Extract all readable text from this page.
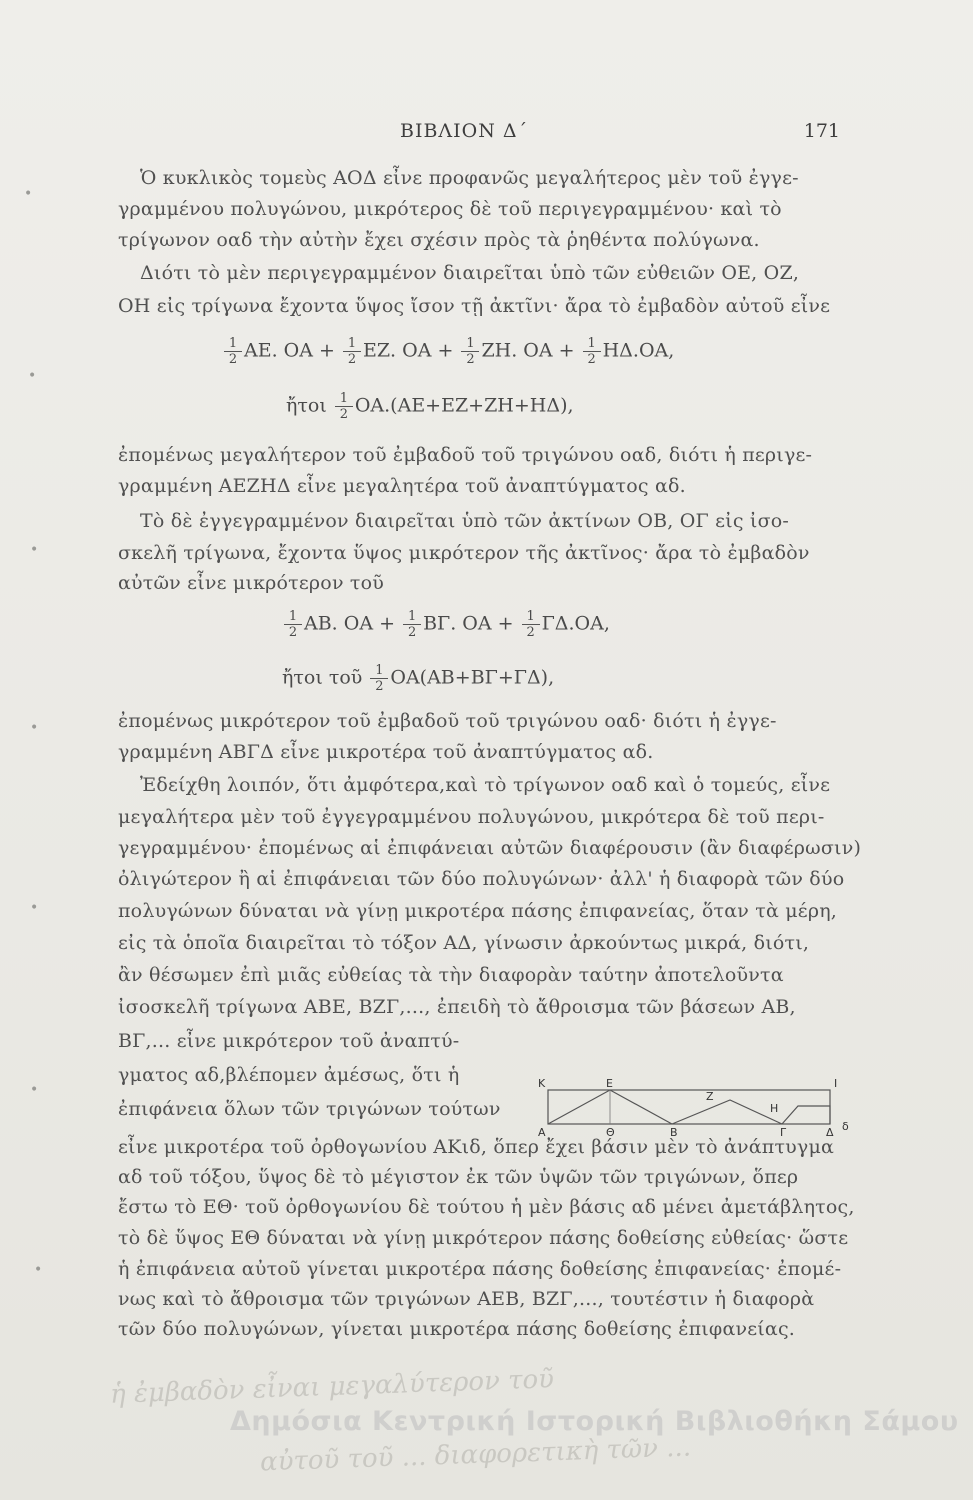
ΒΙΒΛΙΟΝ Δ΄	171
Ὁ κυκλικὸς τομεὺς ΑΟΔ εἶνε προφανῶς μεγαλήτερος μὲν τοῦ ἐγγε-
γραμμένου πολυγώνου, μικρότερος δὲ τοῦ περιγεγραμμένου· καὶ τὸ
τρίγωνον οαδ τὴν αὐτὴν ἔχει σχέσιν πρὸς τὰ ῥηθέντα πολύγωνα.
Διότι τὸ μὲν περιγεγραμμένον διαιρεῖται ὑπὸ τῶν εὐθειῶν ΟΕ, ΟΖ,
ΟΗ εἰς τρίγωνα ἔχοντα ὕψος ἴσον τῇ ἀκτῖνι· ἄρα τὸ ἐμβαδὸν αὐτοῦ εἶνε
$\frac{1}{2} AE$. $OA + \frac{1}{2} EZ$. $OA + \frac{1}{2} ZH$. $OA + \frac{1}{2} H\Delta.OA$,
ἤτοι $\frac{1}{2} OA.(AE+EZ+ZH+H\Delta)$,
ἐπομένως μεγαλήτερον τοῦ ἐμβαδοῦ τοῦ τριγώνου οαδ, διότι ἡ περιγε-
γραμμένη ΑΕΖΗΔ εἶνε μεγαλητέρα τοῦ ἀναπτύγματος αδ.
Τὸ δὲ ἐγγεγραμμένον διαιρεῖται ὑπὸ τῶν ἀκτίνων ΟΒ, ΟΓ εἰς ἰσο-
σκελῆ τρίγωνα, ἔχοντα ὕψος μικρότερον τῆς ἀκτῖνος· ἄρα τὸ ἐμβαδὸν
αὐτῶν εἶνε μικρότερον τοῦ
$\frac{1}{2} AB$. $OA + \frac{1}{2} B\Gamma$. $OA + \frac{1}{2} \Gamma\Delta.OA$,
ἤτοι τοῦ $\frac{1}{2} OA(AB+B\Gamma+\Gamma\Delta)$,
ἐπομένως μικρότερον τοῦ ἐμβαδοῦ τοῦ τριγώνου οαδ· διότι ἡ ἐγγε-
γραμμένη ΑΒΓΔ εἶνε μικροτέρα τοῦ ἀναπτύγματος αδ.
Ἐδείχθη λοιπόν, ὅτι ἀμφότερα,καὶ τὸ τρίγωνον οαδ καὶ ὁ τομεύς, εἶνε
μεγαλήτερα μὲν τοῦ ἐγγεγραμμένου πολυγώνου, μικρότερα δὲ τοῦ περι-
γεγραμμένου· ἐπομένως αἱ ἐπιφάνειαι αὐτῶν διαφέρουσιν (ἂν διαφέρωσιν)
ὀλιγώτερον ἢ αἱ ἐπιφάνειαι τῶν δύο πολυγώνων· ἀλλ' ἡ διαφορὰ τῶν δύο
πολυγώνων δύναται νὰ γίνῃ μικροτέρα πάσης ἐπιφανείας, ὅταν τὰ μέρη,
εἰς τὰ ὁποῖα διαιρεῖται τὸ τόξον ΑΔ, γίνωσιν ἀρκούντως μικρά, διότι,
ἂν θέσωμεν ἐπὶ μιᾶς εὐθείας τὰ τὴν διαφορὰν ταύτην ἀποτελοῦντα
ἰσοσκελῆ τρίγωνα ΑΒΕ, ΒΖΓ,..., ἐπειδὴ τὸ ἄθροισμα τῶν βάσεων ΑΒ,
ΒΓ,... εἶνε μικρότερον τοῦ ἀναπτύ-
γματος αδ,βλέπομεν ἀμέσως, ὅτι ἡ
ἐπιφάνεια ὅλων τῶν τριγώνων τούτων
Κ	Ε	Ι
Ζ
Η
Α	Θ	Β	Γ	Δ δ
εἶνε μικροτέρα τοῦ ὀρθογωνίου ΑΚιδ, ὅπερ ἔχει βάσιν μὲν τὸ ἀνάπτυγμα
αδ τοῦ τόξου, ὕψος δὲ τὸ μέγιστον ἐκ τῶν ὑψῶν τῶν τριγώνων, ὅπερ
ἔστω τὸ ΕΘ· τοῦ ὀρθογωνίου δὲ τούτου ἡ μὲν βάσις αδ μένει ἀμετάβλητος,
τὸ δὲ ὕψος ΕΘ δύναται νὰ γίνῃ μικρότερον πάσης δοθείσης εὐθείας· ὥστε
ἡ ἐπιφάνεια αὐτοῦ γίνεται μικροτέρα πάσης δοθείσης ἐπιφανείας· ἐπομέ-
νως καὶ τὸ ἄθροισμα τῶν τριγώνων ΑΕΒ, ΒΖΓ,..., τουτέστιν ἡ διαφορὰ
τῶν δύο πολυγώνων, γίνεται μικροτέρα πάσης δοθείσης ἐπιφανείας.
ἡ ἐμβαδὸν εἶναι μεγαλύτερον τοῦ
αὐτοῦ τοῦ ... διαφορετικὴ τῶν ...
Δημόσια Κεντρική Ιστορική Βιβλιοθήκη Σάμου
•
•
•
•
•
•
•
